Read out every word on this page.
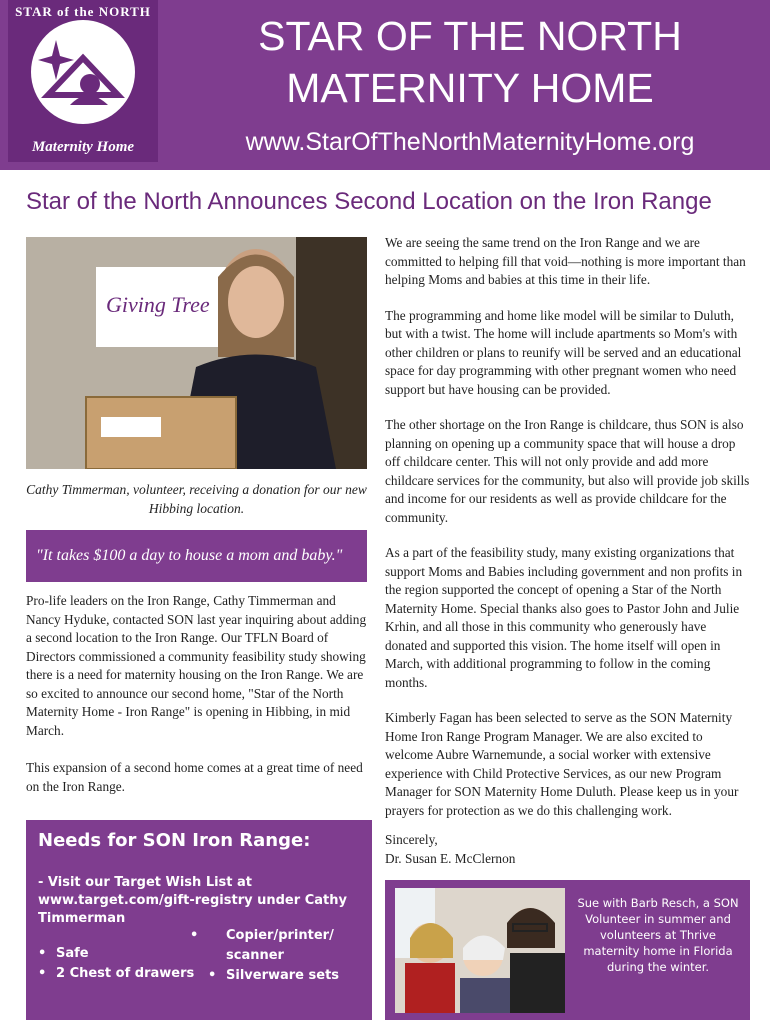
STAR of the NORTH
Maternity Home
STAR OF THE NORTH MATERNITY HOME
www.StarOfTheNorthMaternityHome.org
Star of the North Announces Second Location on the Iron Range
Giving Tree
Cathy Timmerman, volunteer, receiving a donation for our new Hibbing location.
"It takes $100 a day to house a mom and baby."

Pro-life leaders on the Iron Range, Cathy Timmerman and Nancy Hyduke, contacted SON last year inquiring about adding a second location to the Iron Range. Our TFLN Board of Directors commissioned a community feasibility study showing there is a need for maternity housing on the Iron Range. We are so excited to announce our second home, "Star of the North Maternity Home - Iron Range" is opening in Hibbing, in mid March.

This expansion of a second home comes at a great time of need on the Iron Range.

We are seeing the same trend on the Iron Range and we are committed to helping fill that void—nothing is more important than helping Moms and babies at this time in their life.

The programming and home like model will be similar to Duluth, but with a twist. The home will include apartments so Mom's with other children or plans to reunify will be served and an educational space for day programming with other pregnant women who need support but have housing can be provided.

The other shortage on the Iron Range is childcare, thus SON is also planning on opening up a community space that will house a drop off childcare center. This will not only provide and add more childcare services for the community, but also will provide job skills and income for our residents as well as provide childcare for the community.

As a part of the feasibility study, many existing organizations that support Moms and Babies including government and non profits in the region supported the concept of opening a Star of the North Maternity Home. Special thanks also goes to Pastor John and Julie Krhin, and all those in this community who generously have donated and supported this vision. The home itself will open in March, with additional programming to follow in the coming months.

Kimberly Fagan has been selected to serve as the SON Maternity Home Iron Range Program Manager. We are also excited to welcome Aubre Warnemunde, a social worker with extensive experience with Child Protective Services, as our new Program Manager for SON Maternity Home Duluth. Please keep us in your prayers for protection as we do this challenging work.

Needs for SON Iron Range:
- Visit our Target Wish List at www.target.com/gift-registry under Cathy Timmerman
• Safe
• 2 Chest of drawers
• Copier/printer/ scanner
• Silverware sets
Sincerely,
Dr. Susan E. McClernon
Sue with Barb Resch, a SON Volunteer in summer and volunteers at Thrive maternity home in Florida during the winter.
